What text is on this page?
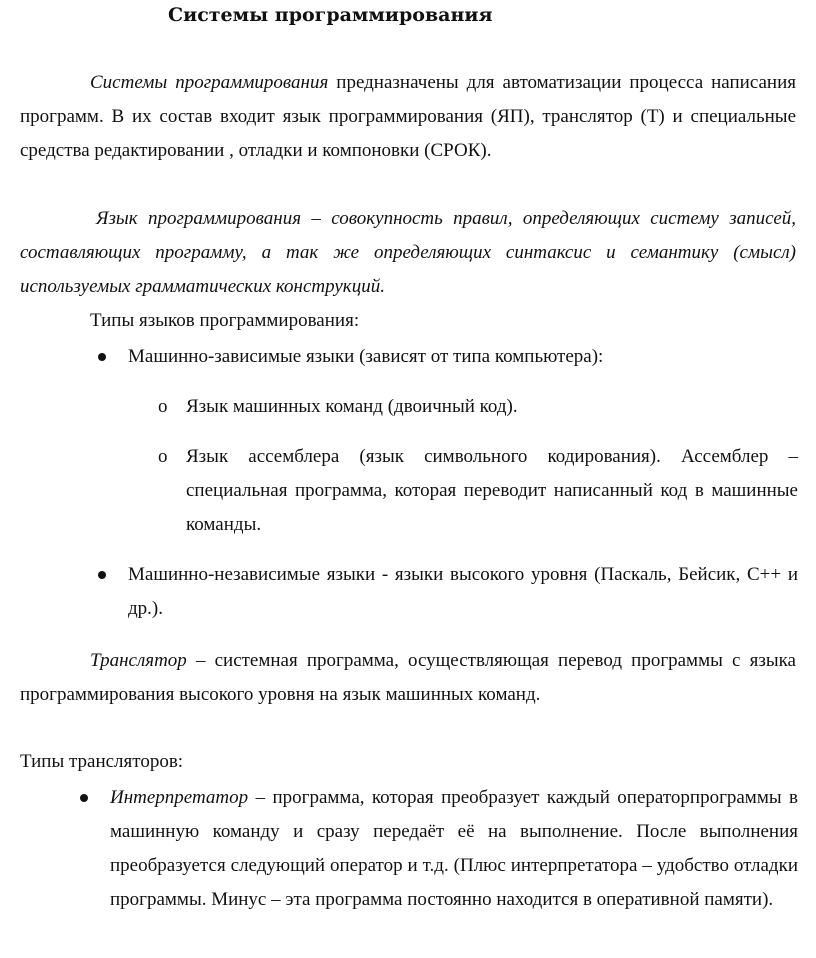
Системы программирования
Системы программирования предназначены для автоматизации процесса написания программ. В их состав входит язык программирования (ЯП), транслятор (Т) и специальные средства редактировании , отладки и компоновки (СРОК).
Язык программирования – совокупность правил, определяющих систему записей, составляющих программу, а так же определяющих синтаксис и семантику (смысл) используемых грамматических конструкций.
Типы языков программирования:
Машинно-зависимые языки (зависят от типа компьютера):
o Язык машинных команд (двоичный код).
o Язык ассемблера (язык символьного кодирования). Ассемблер – специальная программа, которая переводит написанный код в машинные команды.
Машинно-независимые языки - языки высокого уровня (Паскаль, Бейсик, С++ и др.).
Транслятор – системная программа, осуществляющая перевод программы с языка программирования высокого уровня на язык машинных команд.
Типы трансляторов:
Интерпретатор – программа, которая преобразует каждый операторпрограммы в машинную команду и сразу передаёт её на выполнение. После выполнения преобразуется следующий оператор и т.д. (Плюс интерпретатора – удобство отладки программы. Минус – эта программа постоянно находится в оперативной памяти).
